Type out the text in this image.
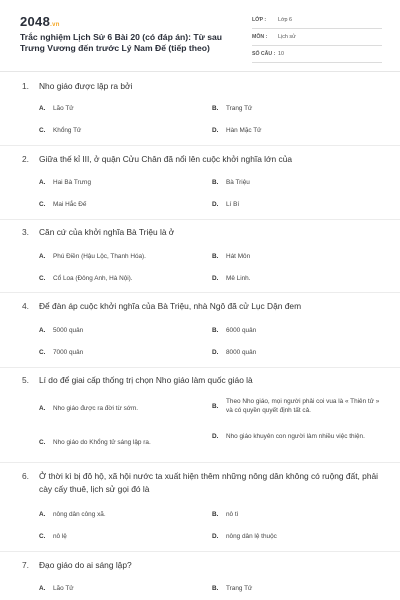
2048.vn
Trắc nghiệm Lịch Sử 6 Bài 20 (có đáp án): Từ sau Trưng Vương đến trước Lý Nam Đế (tiếp theo)
LỚP :	Lớp 6
MÔN :	Lịch sử
SỐ CÂU : 10
1.	Nho giáo được lập ra bởi
A.	Lão Tử	B.	Trang Tử
C.	Khổng Tử	D.	Hàn Mặc Tử
2.	Giữa thế kỉ III, ở quận Cửu Chân đã nổi lên cuộc khởi nghĩa lớn của
A.	Hai Bà Trưng	B.	Bà Triệu
C.	Mai Hắc Đế	D.	Lí Bí
3.	Căn cứ của khởi nghĩa Bà Triệu là ở
A.	Phú Điền (Hậu Lộc, Thanh Hóa).	B.	Hát Môn
C.	Cổ Loa (Đông Anh, Hà Nội).	D.	Mê Linh.
4.	Để đàn áp cuộc khởi nghĩa của Bà Triệu, nhà Ngô đã cử Lục Dận đem
A.	5000 quân	B.	6000 quân
C.	7000 quân	D.	8000 quân
5.	Lí do để giai cấp thống trị chọn Nho giáo làm quốc giáo là
A.	Nho giáo được ra đời từ sớm.	B.
Theo Nho giáo, mọi người phải coi vua là « Thiên tử » và có quyền quyết định tất cả.
C.	Nho giáo do Khổng tử sáng lập ra.
D.	Nho giáo khuyên con người làm nhiều việc thiện.
6.	Ở thời kì bị đô hộ, xã hội nước ta xuất hiện thêm những nông dân không có ruộng đất, phải cày cấy thuê, lịch sử gọi đó là
A.	nông dân công xã.	B.	nô tì
C.	nô lệ	D.	nông dân lệ thuộc
7.	Đạo giáo do ai sáng lập?
A.	Lão Tử	B.	Trang Tử
